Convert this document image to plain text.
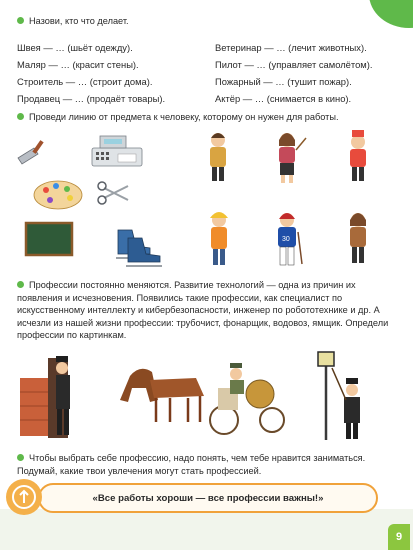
Назови, кто что делает.
Швея — … (шьёт одежду).	Ветеринар — … (лечит животных).
Маляр — … (красит стены).	Пилот — … (управляет самолётом).
Строитель — … (строит дома).	Пожарный — … (тушит пожар).
Продавец — … (продаёт товары).	Актёр — … (снимается в кино).
Проведи линию от предмета к человеку, которому он нужен для работы.
30
Профессии постоянно меняются. Развитие технологий — одна из причин их появления и исчезновения. Появились такие профессии, как специалист по искусственному интеллекту и кибербезопасности, инженер по робототехнике и др. А исчезли из нашей жизни профессии: трубочист, фонарщик, водовоз, ямщик. Определи профессии по картинкам.
Чтобы выбрать себе профессию, надо понять, чем тебе нравится заниматься. Подумай, какие твои увлечения могут стать профессией.
«Все работы хороши — все профессии важны!»
9
